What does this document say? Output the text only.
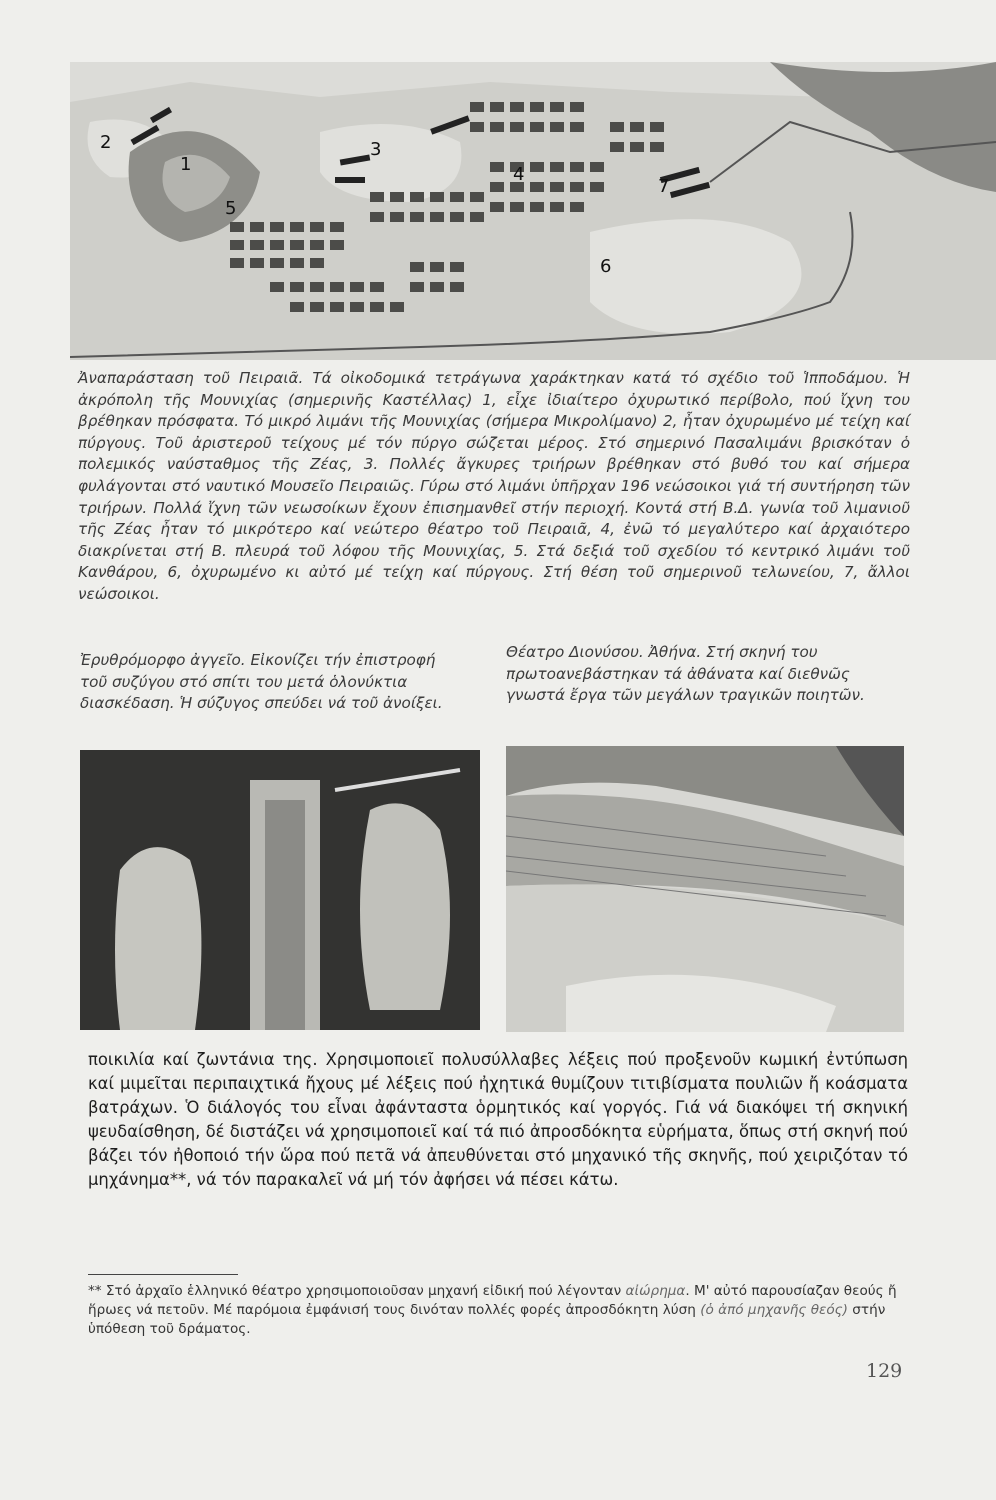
1
2	3
4
5
6
7

Ἀναπαράσταση τοῦ Πειραιᾶ. Τά οἰκοδομικά τετράγωνα χαράκτηκαν κατά τό σχέδιο τοῦ Ἱπποδάμου. Ἡ ἀκρόπολη τῆς Μουνιχίας (σημερινῆς Καστέλλας) 1, εἶχε ἰδιαίτερο ὀχυρωτικό περίβολο, πού ἴχνη του βρέθηκαν πρόσφατα. Τό μικρό λιμάνι τῆς Μουνιχίας (σήμερα Μικρολίμανο) 2, ἦταν ὀχυρωμένο μέ τείχη καί πύργους. Τοῦ ἀριστεροῦ τείχους μέ τόν πύργο σώζεται μέρος. Στό σημερινό Πασαλιμάνι βρισκόταν ὁ πολεμικός ναύσταθμος τῆς Ζέας, 3. Πολλές ἄγκυρες τριήρων βρέθηκαν στό βυθό του καί σήμερα φυλάγονται στό ναυτικό Μουσεῖο Πειραιῶς. Γύρω στό λιμάνι ὑπῆρχαν 196 νεώσοικοι γιά τή συντήρηση τῶν τριήρων. Πολλά ἴχνη τῶν νεωσοίκων ἔχουν ἐπισημανθεῖ στήν περιοχή. Κοντά στή Β.Δ. γωνία τοῦ λιμανιοῦ τῆς Ζέας ἦταν τό μικρότερο καί νεώτερο θέατρο τοῦ Πειραιᾶ, 4, ἐνῶ τό μεγαλύτερο καί ἀρχαιότερο διακρίνεται στή Β. πλευρά τοῦ λόφου τῆς Μουνιχίας, 5. Στά δεξιά τοῦ σχεδίου τό κεντρικό λιμάνι τοῦ Κανθάρου, 6, ὀχυρωμένο κι αὐτό μέ τείχη καί πύργους. Στή θέση τοῦ σημερινοῦ τελωνείου, 7, ἄλλοι νεώσοικοι.

Ἐρυθρόμορφο ἀγγεῖο. Εἰκονίζει τήν ἐπιστροφή τοῦ συζύγου στό σπίτι του μετά ὁλονύκτια διασκέδαση. Ἡ σύζυγος σπεύδει νά τοῦ ἀνοίξει.

Θέατρο Διονύσου. Ἀθήνα. Στή σκηνή του πρωτοανεβάστηκαν τά ἀθάνατα καί διεθνῶς γνωστά ἔργα τῶν μεγάλων τραγικῶν ποιητῶν.

ποικιλία καί ζωντάνια της. Χρησιμοποιεῖ πολυσύλλαβες λέξεις πού προξενοῦν κωμική ἐντύπωση καί μιμεῖται περιπαιχτικά ἤχους μέ λέξεις πού ἠχητικά θυμίζουν τιτιβίσματα πουλιῶν ἤ κοάσματα βατράχων. Ὁ διάλογός του εἶναι ἀφάνταστα ὁρμητικός καί γοργός. Γιά νά διακόψει τή σκηνική ψευδαίσθηση, δέ διστάζει νά χρησιμοποιεῖ καί τά πιό ἀπροσδόκητα εὑρήματα, ὅπως στή σκηνή πού βάζει τόν ἠθοποιό τήν ὥρα πού πετᾶ νά ἀπευθύνεται στό μηχανικό τῆς σκηνῆς, πού χειριζόταν τό μηχάνημα**, νά τόν παρακαλεῖ νά μή τόν ἀφήσει νά πέσει κάτω.

** Στό ἀρχαῖο ἑλληνικό θέατρο χρησιμοποιοῦσαν μηχανή εἰδική πού λέγονταν αἰώρημα. Μ' αὐτό παρουσίαζαν θεούς ἤ ἥρωες νά πετοῦν. Μέ παρόμοια ἐμφάνισή τους δινόταν πολλές φορές ἀπροσδόκητη λύση (ὁ ἀπό μηχανῆς θεός) στήν ὑπόθεση τοῦ δράματος.

129
